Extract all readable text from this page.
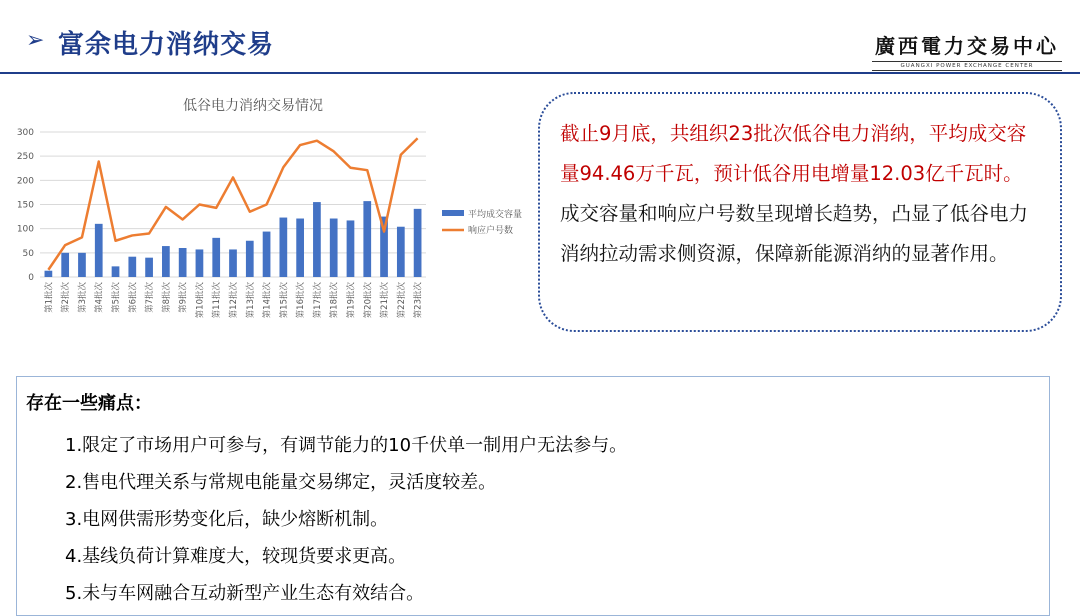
➢ 富余电力消纳交易	廣西電力交易中心
GUANGXI POWER EXCHANGE CENTER
低谷电力消纳交易情况
0
50
100
150
200
250
300
第1批次 第2批次 第3批次 第4批次 第5批次 第6批次 第7批次 第8批次 第9批次 第10批次 第11批次 第12批次 第13批次 第14批次 第15批次 第16批次 第17批次 第18批次 第19批次 第20批次 第21批次 第22批次 第23批次
平均成交容量
响应户号数
截止9月底，共组织23批次低谷电力消纳，平均成交容量94.46万千瓦，预计低谷用电增量12.03亿千瓦时。成交容量和响应户号数呈现增长趋势，凸显了低谷电力消纳拉动需求侧资源，保障新能源消纳的显著作用。
存在一些痛点：
1.限定了市场用户可参与，有调节能力的10千伏单一制用户无法参与。
2.售电代理关系与常规电能量交易绑定，灵活度较差。
3.电网供需形势变化后，缺少熔断机制。
4.基线负荷计算难度大，较现货要求更高。
5.未与车网融合互动新型产业生态有效结合。
